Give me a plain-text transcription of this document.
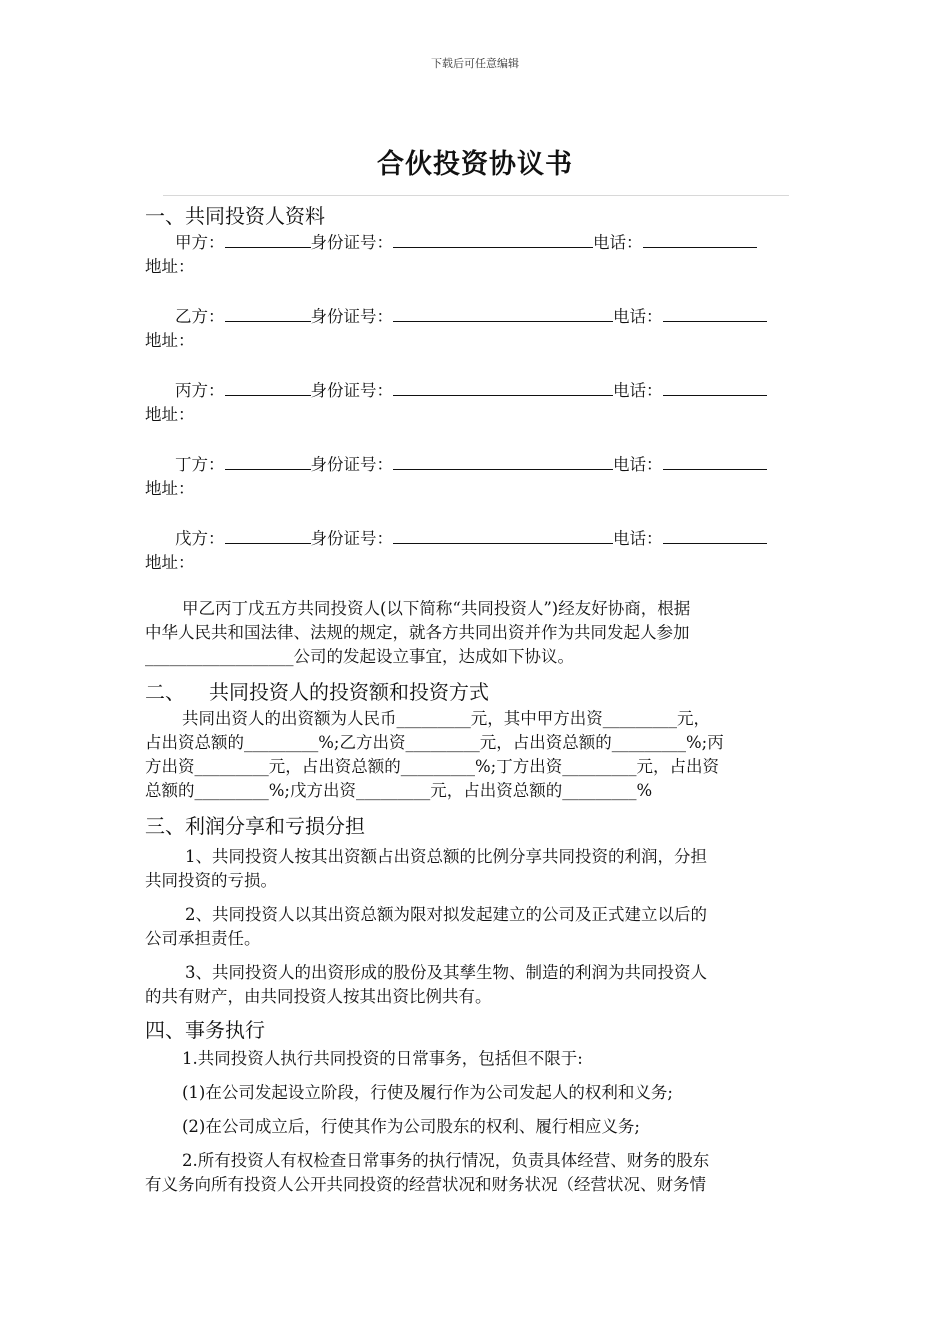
下载后可任意编辑
合伙投资协议书

一、共同投资人资料

甲方：	身份证号：	电话：

地址：

乙方：	身份证号：	电话：

地址：

丙方：	身份证号：	电话：

地址：

丁方：	身份证号：	电话：

地址：

戊方：	身份证号：	电话：

地址：

甲乙丙丁戊五方共同投资人(以下简称“共同投资人”)经友好协商，根据

中华人民共和国法律、法规的规定，就各方共同出资并作为共同发起人参加

__________________公司的发起设立事宜，达成如下协议。

二、 共同投资人的投资额和投资方式

共同出资人的出资额为人民币_________元，其中甲方出资_________元，

占出资总额的_________%;乙方出资_________元，占出资总额的_________%;丙

方出资_________元，占出资总额的_________%;丁方出资_________元，占出资

总额的_________%;戊方出资_________元，占出资总额的_________%

三、利润分享和亏损分担

1、共同投资人按其出资额占出资总额的比例分享共同投资的利润，分担

共同投资的亏损。

2、共同投资人以其出资总额为限对拟发起建立的公司及正式建立以后的

公司承担责任。

3、共同投资人的出资形成的股份及其孳生物、制造的利润为共同投资人

的共有财产，由共同投资人按其出资比例共有。

四、事务执行

1.共同投资人执行共同投资的日常事务，包括但不限于:

(1)在公司发起设立阶段，行使及履行作为公司发起人的权利和义务;

(2)在公司成立后，行使其作为公司股东的权利、履行相应义务;

2.所有投资人有权检查日常事务的执行情况，负责具体经营、财务的股东

有义务向所有投资人公开共同投资的经营状况和财务状况（经营状况、财务情
